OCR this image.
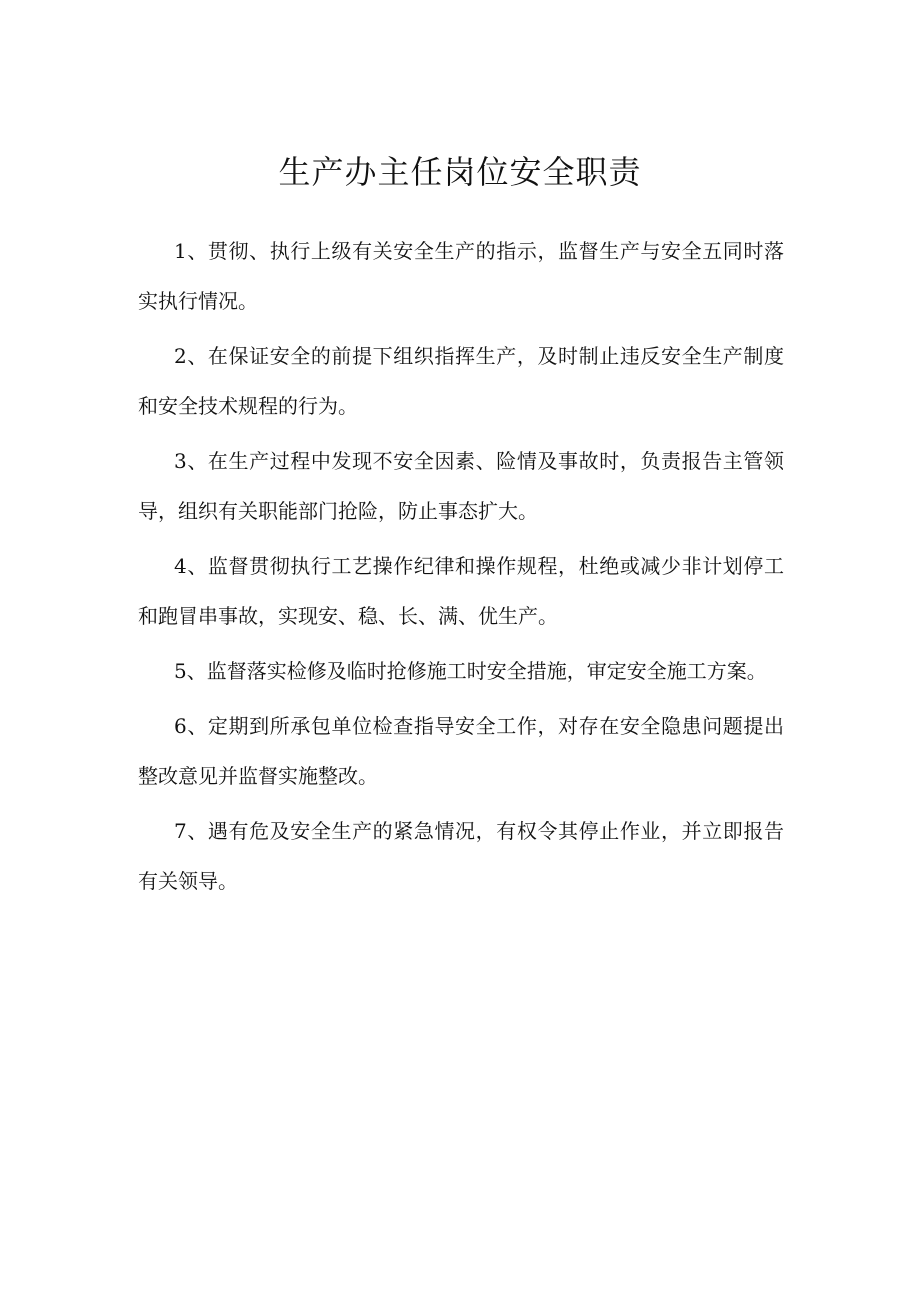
生产办主任岗位安全职责

1、贯彻、执行上级有关安全生产的指示，监督生产与安全五同时落实执行情况。

2、在保证安全的前提下组织指挥生产，及时制止违反安全生产制度和安全技术规程的行为。

3、在生产过程中发现不安全因素、险情及事故时，负责报告主管领导，组织有关职能部门抢险，防止事态扩大。

4、监督贯彻执行工艺操作纪律和操作规程，杜绝或减少非计划停工和跑冒串事故，实现安、稳、长、满、优生产。

5、监督落实检修及临时抢修施工时安全措施，审定安全施工方案。

6、定期到所承包单位检查指导安全工作，对存在安全隐患问题提出整改意见并监督实施整改。

7、遇有危及安全生产的紧急情况，有权令其停止作业，并立即报告有关领导。
